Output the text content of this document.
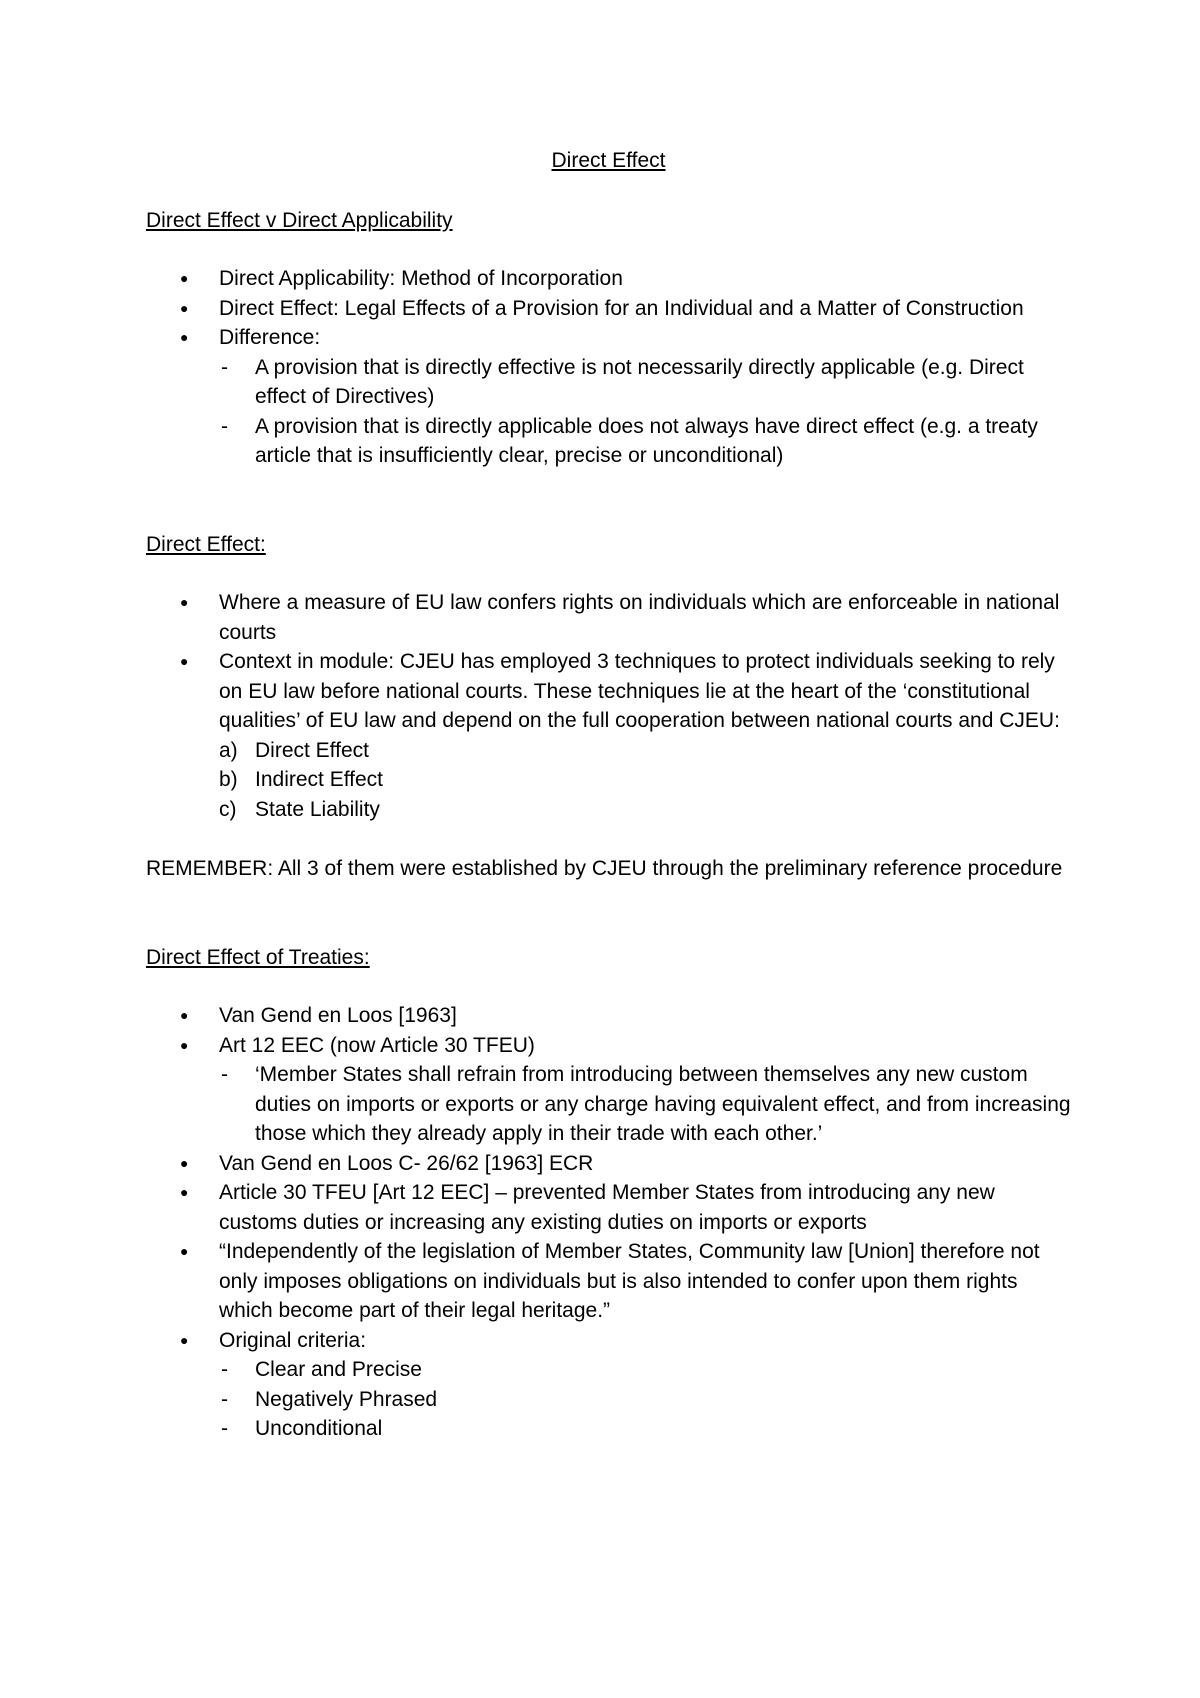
Direct Effect
Direct Effect v Direct Applicability
● Direct Applicability: Method of Incorporation
● Direct Effect: Legal Effects of a Provision for an Individual and a Matter of Construction
● Difference:
- A provision that is directly effective is not necessarily directly applicable (e.g. Direct effect of Directives)
- A provision that is directly applicable does not always have direct effect (e.g. a treaty article that is insufficiently clear, precise or unconditional)
Direct Effect:
● Where a measure of EU law confers rights on individuals which are enforceable in national courts
● Context in module: CJEU has employed 3 techniques to protect individuals seeking to rely on EU law before national courts. These techniques lie at the heart of the ‘constitutional qualities’ of EU law and depend on the full cooperation between national courts and CJEU:
a) Direct Effect
b) Indirect Effect
c) State Liability

REMEMBER: All 3 of them were established by CJEU through the preliminary reference procedure

Direct Effect of Treaties:
● Van Gend en Loos [1963]
● Art 12 EEC (now Article 30 TFEU)
- ‘Member States shall refrain from introducing between themselves any new custom duties on imports or exports or any charge having equivalent effect, and from increasing those which they already apply in their trade with each other.’
● Van Gend en Loos C- 26/62 [1963] ECR
● Article 30 TFEU [Art 12 EEC] – prevented Member States from introducing any new customs duties or increasing any existing duties on imports or exports
● “Independently of the legislation of Member States, Community law [Union] therefore not only imposes obligations on individuals but is also intended to confer upon them rights which become part of their legal heritage.”
● Original criteria:
- Clear and Precise
- Negatively Phrased
- Unconditional
